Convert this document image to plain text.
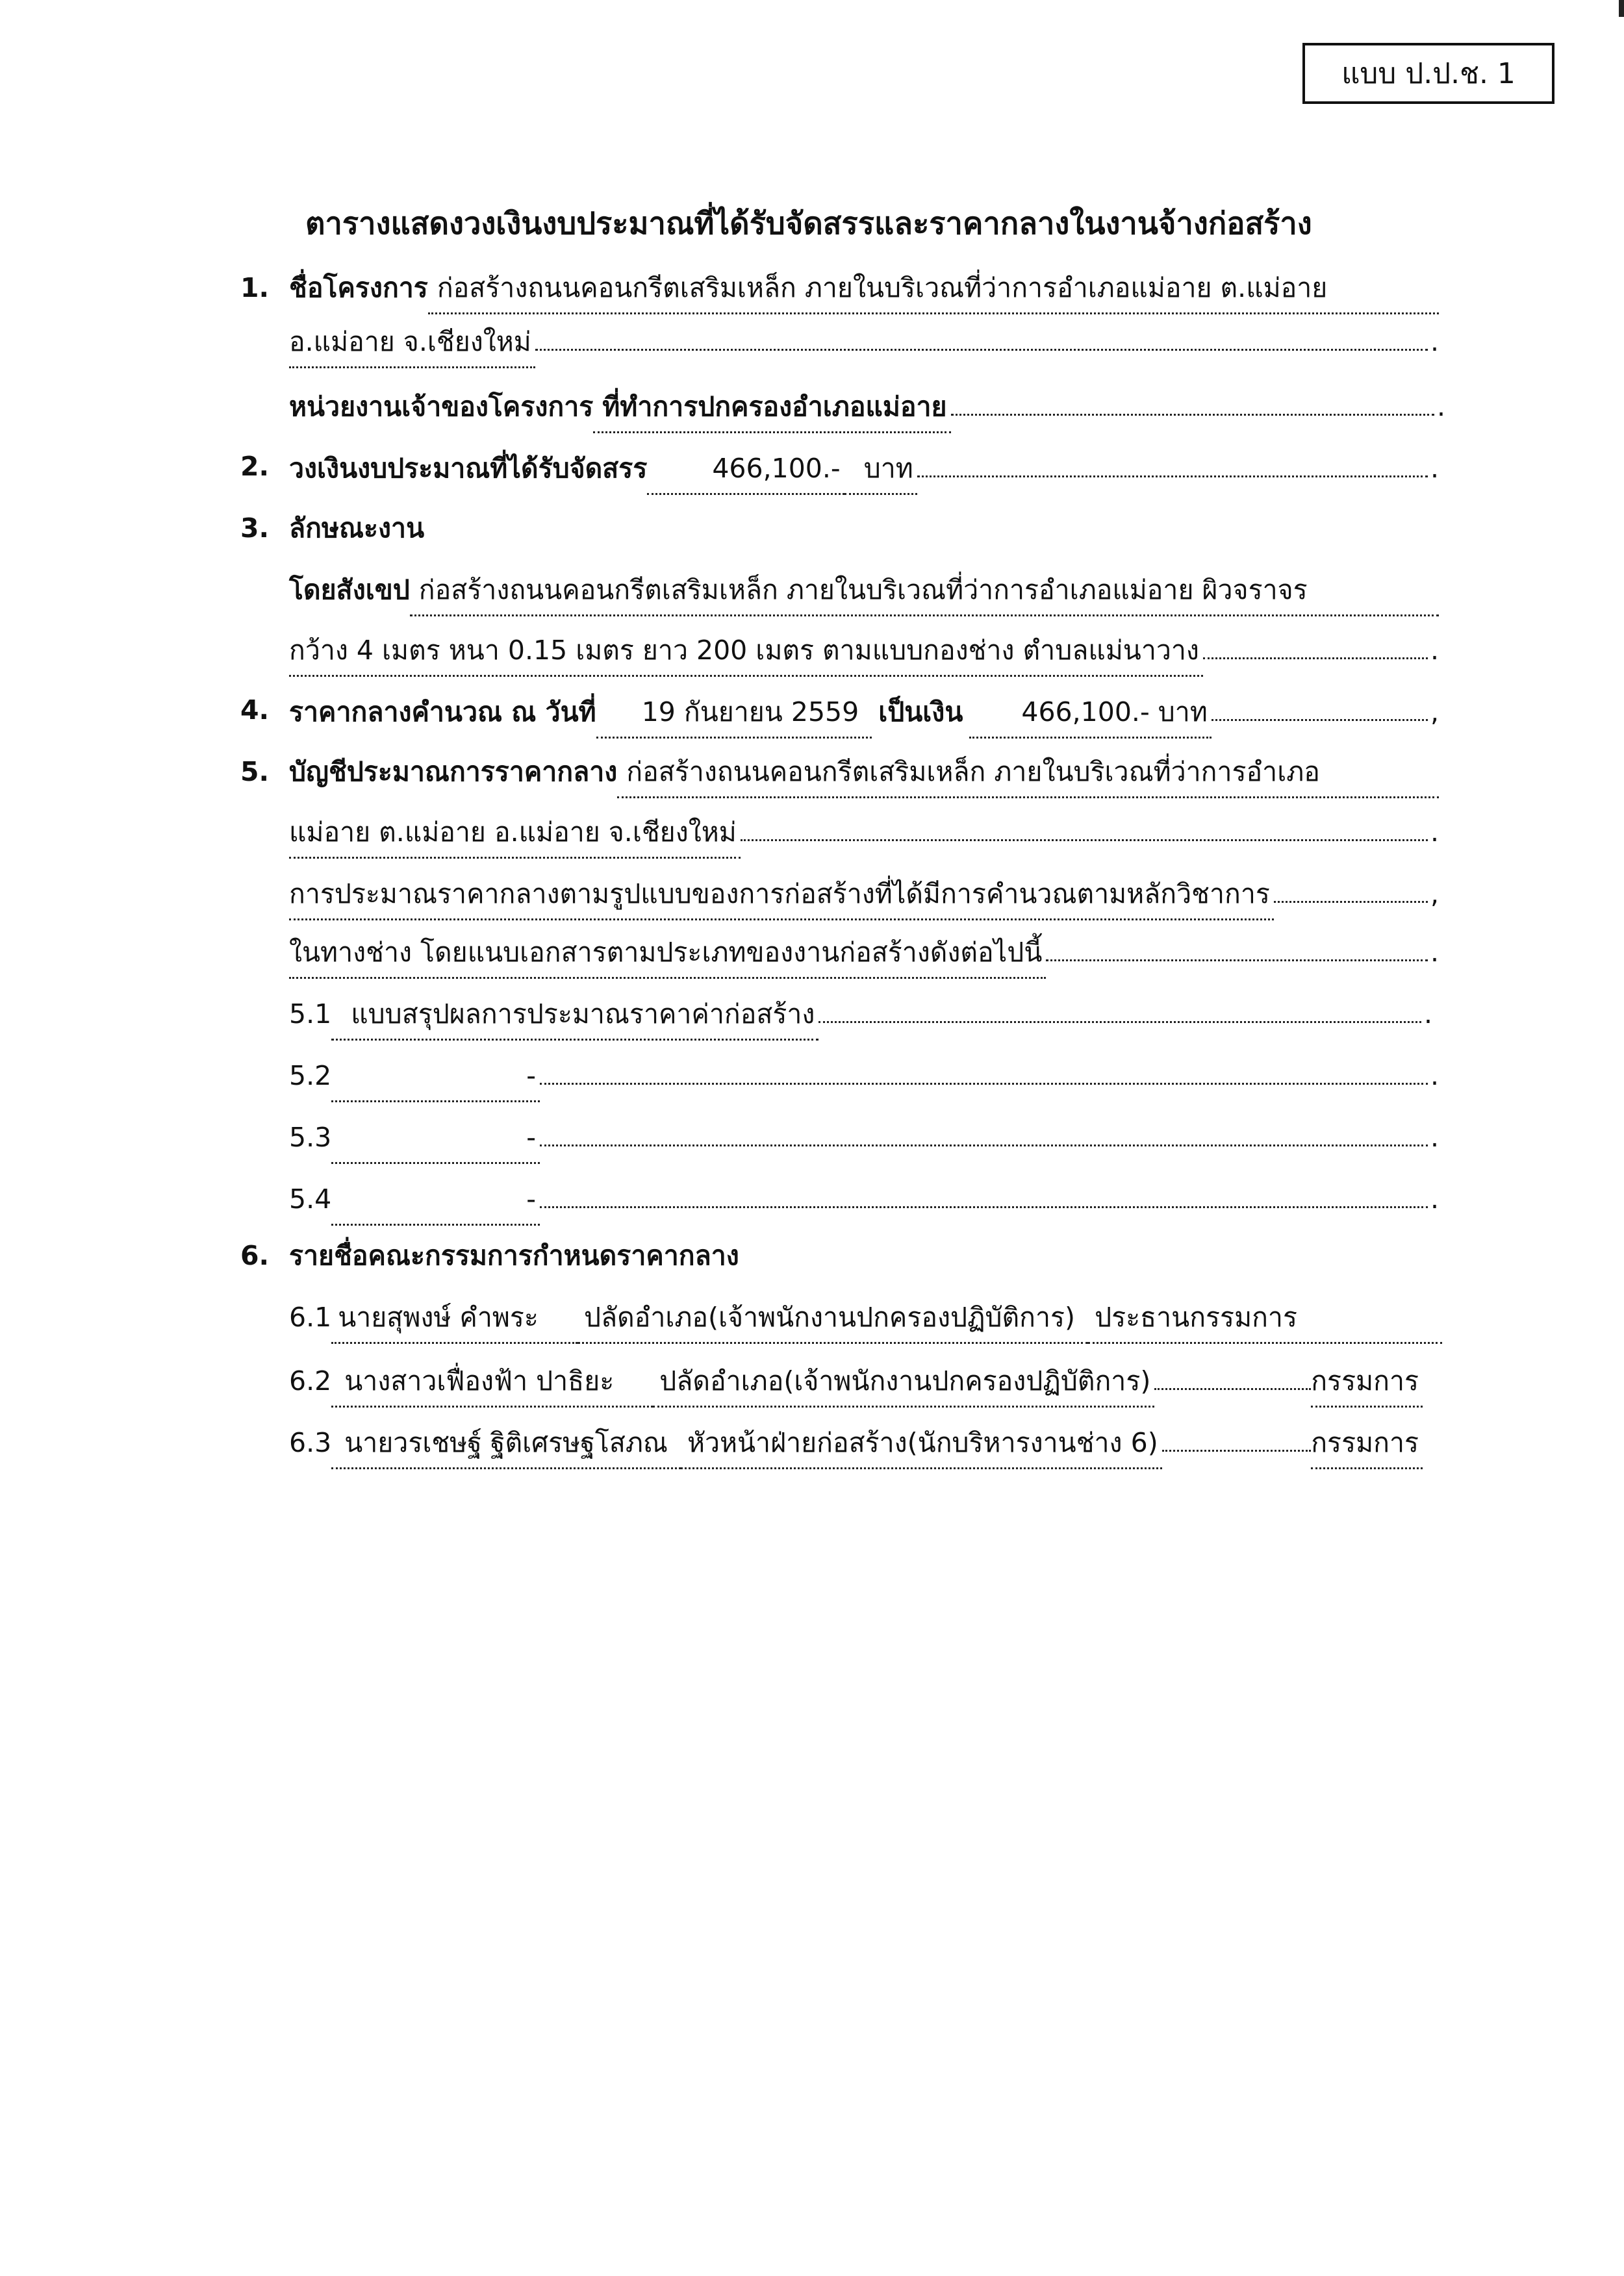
แบบ ป.ป.ช. 1
ตารางแสดงวงเงินงบประมาณที่ได้รับจัดสรรและราคากลางในงานจ้างก่อสร้าง
1. ชื่อโครงการ ก่อสร้างถนนคอนกรีตเสริมเหล็ก ภายในบริเวณที่ว่าการอำเภอแม่อาย ต.แม่อาย
อ.แม่อาย จ.เชียงใหม่	.
หน่วยงานเจ้าของโครงการ ที่ทำการปกครองอำเภอแม่อาย	.
2. วงเงินงบประมาณที่ได้รับจัดสรร	466,100.- บาท	.
3. ลักษณะงาน
โดยสังเขป ก่อสร้างถนนคอนกรีตเสริมเหล็ก ภายในบริเวณที่ว่าการอำเภอแม่อาย ผิวจราจร
กว้าง 4 เมตร หนา 0.15 เมตร ยาว 200 เมตร ตามแบบกองช่าง ตำบลแม่นาวาง	.
4. ราคากลางคำนวณ ณ วันที่	19 กันยายน 2559 เป็นเงิน	466,100.- บาท	,
5. บัญชีประมาณการราคากลาง ก่อสร้างถนนคอนกรีตเสริมเหล็ก ภายในบริเวณที่ว่าการอำเภอ
แม่อาย ต.แม่อาย อ.แม่อาย จ.เชียงใหม่	.
การประมาณราคากลางตามรูปแบบของการก่อสร้างที่ได้มีการคำนวณตามหลักวิชาการ	,
ในทางช่าง โดยแนบเอกสารตามประเภทของงานก่อสร้างดังต่อไปนี้	.
5.1 แบบสรุปผลการประมาณราคาค่าก่อสร้าง	.
5.2	-	.
5.3	-	.
5.4	-	.
6. รายชื่อคณะกรรมการกำหนดราคากลาง
6.1 นายสุพงษ์ คำพระ	ปลัดอำเภอ(เจ้าพนักงานปกครองปฏิบัติการ) ประธานกรรมการ
6.2 นางสาวเฟื่องฟ้า ปาธิยะ	ปลัดอำเภอ(เจ้าพนักงานปกครองปฏิบัติการ)	กรรมการ
6.3 นายวรเชษฐ์ ฐิติเศรษฐโสภณ หัวหน้าฝ่ายก่อสร้าง(นักบริหารงานช่าง 6)	กรรมการ
